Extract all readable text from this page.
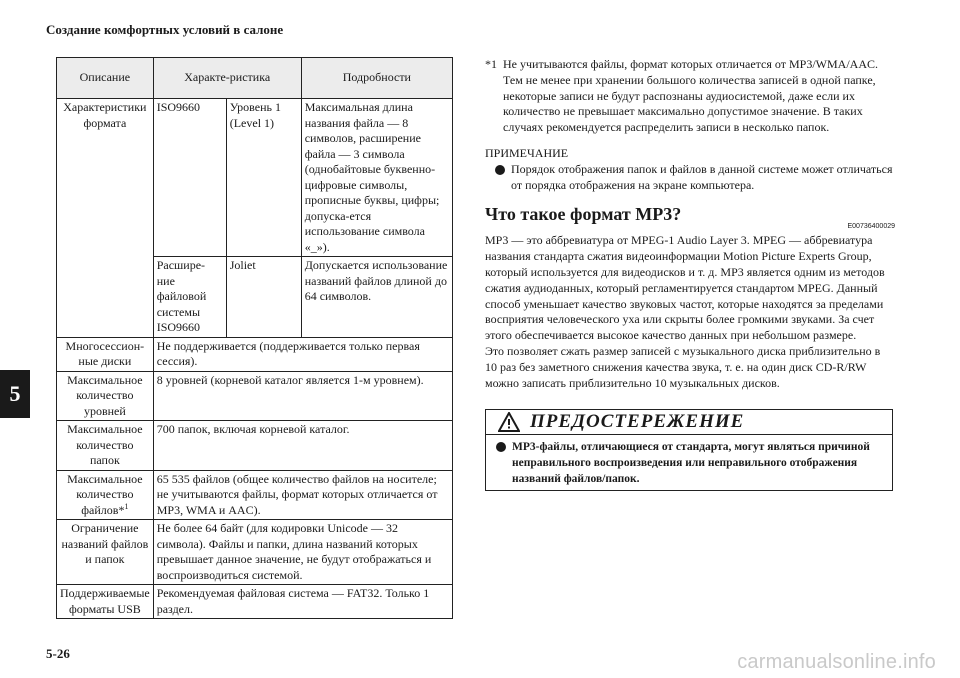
Создание комфортных условий в салоне
5
Описание	Характе-ристика		Подробности
Характеристики формата	ISO9660	Уровень 1 (Level 1)	Максимальная длина названия файла — 8 символов, расширение файла — 3 символа (однобайтовые буквенно-цифровые символы, прописные буквы, цифры; допуска-ется использование символа «_»).
	Расшире-ние файловой системы ISO9660	Joliet	Допускается использование названий файлов длиной до 64 символов.
Многосессион-ные диски	Не поддерживается (поддерживается только первая сессия).		
Максимальное количество уровней	8 уровней (корневой каталог является 1-м уровнем).		
Максимальное количество папок	700 папок, включая корневой каталог.		
Максимальное количество файлов*$^1$	65 535 файлов (общее количество файлов на носителе; не учитываются файлы, формат которых отличается от MP3, WMA и AAC).		
Ограничение названий файлов и папок	Не более 64 байт (для кодировки Unicode — 32 символа). Файлы и папки, длина названий которых превышает данное значение, не будут отображаться и воспроизводиться системой.		
Поддерживаемые форматы USB	Рекомендуемая файловая система — FAT32. Только 1 раздел.		
*1 Не учитываются файлы, формат которых отличается от MP3/WMA/AAC. Тем не менее при хранении большого количества записей в одной папке, некоторые записи не будут распознаны аудиосистемой, даже если их количество не превышает максимально допустимое значение. В таких случаях рекомендуется распределить записи в несколько папок.
ПРИМЕЧАНИЕ
Порядок отображения папок и файлов в данной системе может отличаться от порядка отображения на экране компьютера.
Что такое формат MP3?
E00736400029
MP3 — это аббревиатура от MPEG-1 Audio Layer 3. MPEG — аббревиатура названия стандарта сжатия видеоинформации Motion Picture Experts Group, который используется для видеодисков и т. д. MP3 является одним из методов сжатия аудиоданных, который регламентируется стандартом MPEG. Данный способ уменьшает качество звуковых частот, которые находятся за пределами восприятия человеческого уха или скрыты более громкими звуками. За счет этого обеспечивается высокое качество данных при небольшом размере.
Это позволяет сжать размер записей с музыкального диска приблизительно в 10 раз без заметного снижения качества звука, т. е. на один диск CD-R/RW можно записать приблизительно 10 музыкальных дисков.
ПРЕДОСТЕРЕЖЕНИЕ
MP3-файлы, отличающиеся от стандарта, могут являться причиной неправильного воспроизведения или неправильного отображения названий файлов/папок.
5-26	carmanualsonline.info
